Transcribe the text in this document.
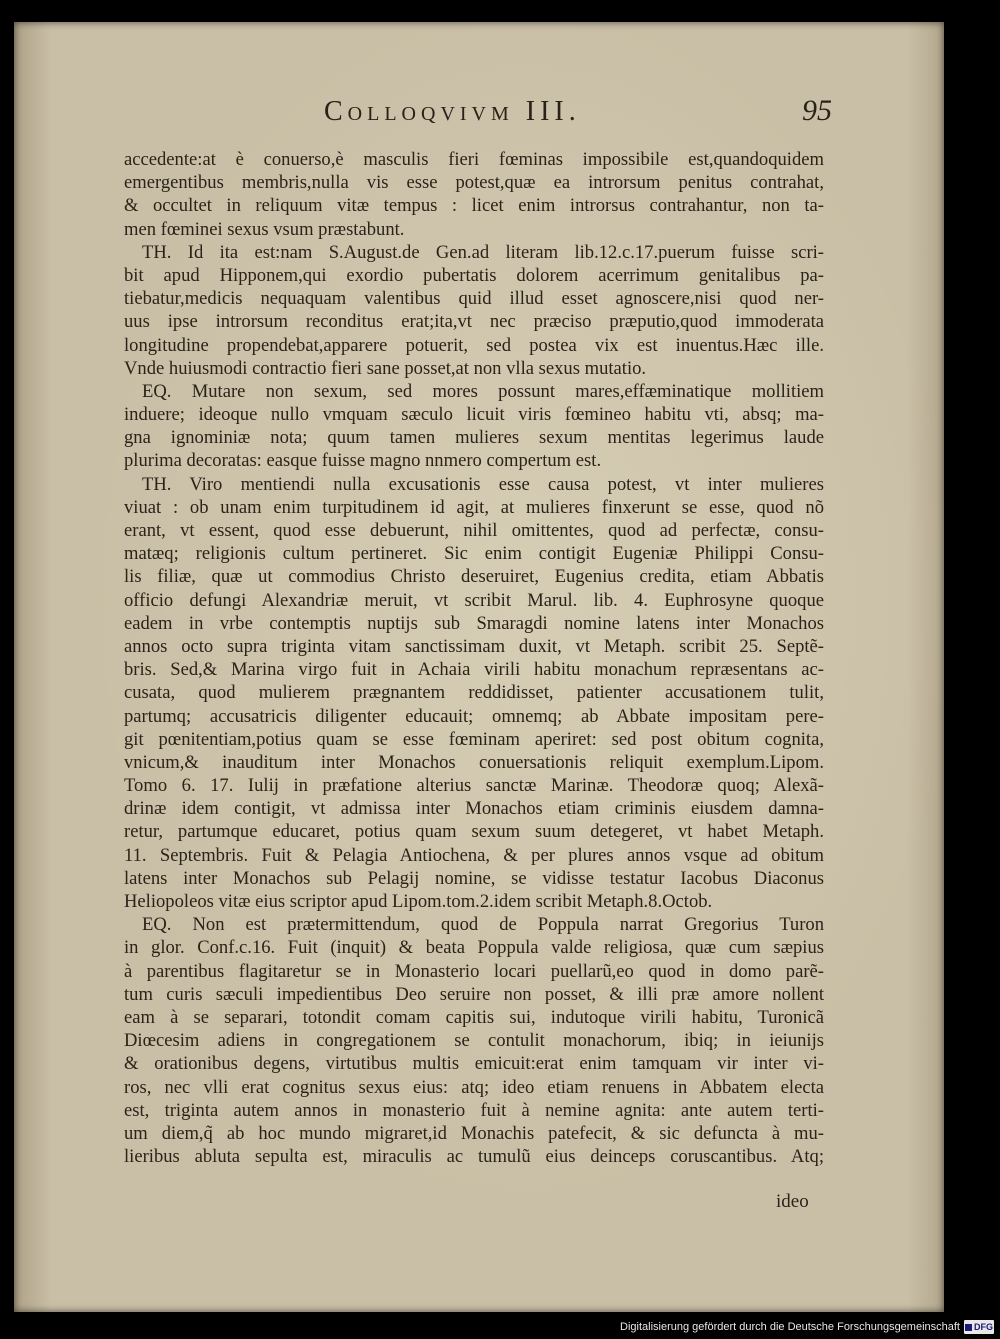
Colloqvivm III.	95
accedente:at è conuerso,è masculis fieri fœminas impossibile est,quandoquidem
emergentibus membris,nulla vis esse potest,quæ ea introrsum penitus contrahat,
& occultet in reliquum vitæ tempus : licet enim introrsus contrahantur, non ta-
men fœminei sexus vsum præstabunt.
TH. Id ita est:nam S.August.de Gen.ad literam lib.12.c.17.puerum fuisse scri-
bit apud Hipponem,qui exordio pubertatis dolorem acerrimum genitalibus pa-
tiebatur,medicis nequaquam valentibus quid illud esset agnoscere,nisi quod ner-
uus ipse introrsum reconditus erat;ita,vt nec præciso præputio,quod immoderata
longitudine propendebat,apparere potuerit, sed postea vix est inuentus.Hæc ille.
Vnde huiusmodi contractio fieri sane posset,at non vlla sexus mutatio.
EQ. Mutare non sexum, sed mores possunt mares,effæminatique mollitiem
induere; ideoque nullo vmquam sæculo licuit viris fœmineo habitu vti, absq; ma-
gna ignominiæ nota; quum tamen mulieres sexum mentitas legerimus laude
plurima decoratas: easque fuisse magno nnmero compertum est.
TH. Viro mentiendi nulla excusationis esse causa potest, vt inter mulieres
viuat : ob unam enim turpitudinem id agit, at mulieres finxerunt se esse, quod nõ
erant, vt essent, quod esse debuerunt, nihil omittentes, quod ad perfectæ, consu-
matæq; religionis cultum pertineret. Sic enim contigit Eugeniæ Philippi Consu-
lis filiæ, quæ ut commodius Christo deseruiret, Eugenius credita, etiam Abbatis
officio defungi Alexandriæ meruit, vt scribit Marul. lib. 4. Euphrosyne quoque
eadem in vrbe contemptis nuptijs sub Smaragdi nomine latens inter Monachos
annos octo supra triginta vitam sanctissimam duxit, vt Metaph. scribit 25. Septẽ-
bris. Sed,& Marina virgo fuit in Achaia virili habitu monachum repræsentans ac-
cusata, quod mulierem prægnantem reddidisset, patienter accusationem tulit,
partumq; accusatricis diligenter educauit; omnemq; ab Abbate impositam pere-
git pœnitentiam,potius quam se esse fœminam aperiret: sed post obitum cognita,
vnicum,& inauditum inter Monachos conuersationis reliquit exemplum.Lipom.
Tomo 6. 17. Iulij in præfatione alterius sanctæ Marinæ. Theodoræ quoq; Alexã-
drinæ idem contigit, vt admissa inter Monachos etiam criminis eiusdem damna-
retur, partumque educaret, potius quam sexum suum detegeret, vt habet Metaph.
11. Septembris. Fuit & Pelagia Antiochena, & per plures annos vsque ad obitum
latens inter Monachos sub Pelagij nomine, se vidisse testatur Iacobus Diaconus
Heliopoleos vitæ eius scriptor apud Lipom.tom.2.idem scribit Metaph.8.Octob.
EQ. Non est prætermittendum, quod de Poppula narrat Gregorius Turon
in glor. Conf.c.16. Fuit (inquit) & beata Poppula valde religiosa, quæ cum sæpius
à parentibus flagitaretur se in Monasterio locari puellarũ,eo quod in domo parẽ-
tum curis sæculi impedientibus Deo seruire non posset, & illi præ amore nollent
eam à se separari, totondit comam capitis sui, indutoque virili habitu, Turonicã
Diœcesim adiens in congregationem se contulit monachorum, ibiq; in ieiunijs
& orationibus degens, virtutibus multis emicuit:erat enim tamquam vir inter vi-
ros, nec vlli erat cognitus sexus eius: atq; ideo etiam renuens in Abbatem electa
est, triginta autem annos in monasterio fuit à nemine agnita: ante autem terti-
um diem,q̃ ab hoc mundo migraret,id Monachis patefecit, & sic defuncta à mu-
lieribus abluta sepulta est, miraculis ac tumulũ eius deinceps coruscantibus. Atq;
ideo
Digitalisierung gefördert durch die Deutsche Forschungsgemeinschaft	DFG
